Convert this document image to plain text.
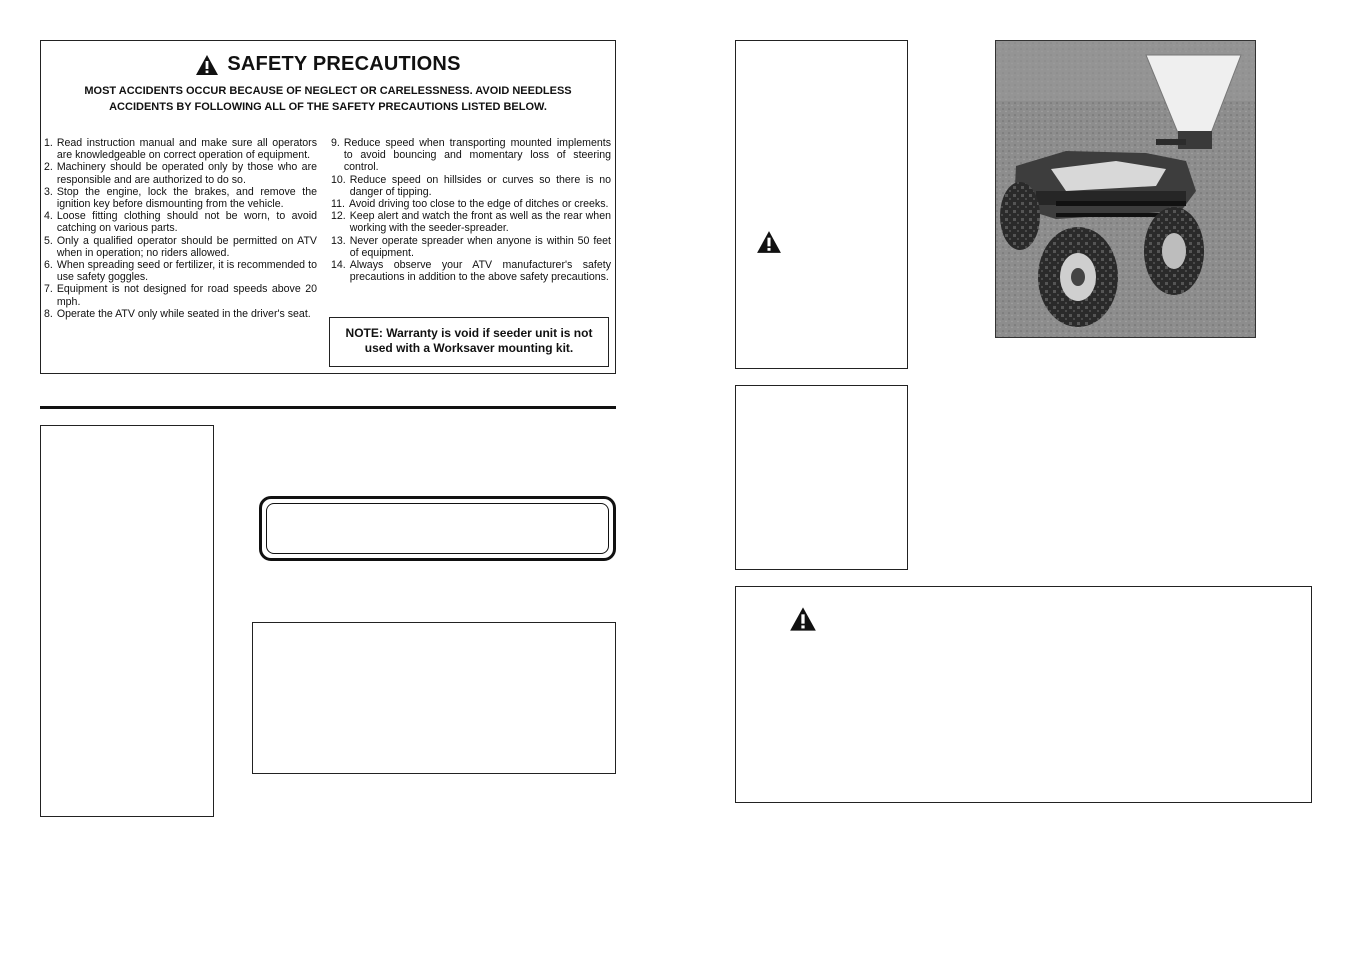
SAFETY PRECAUTIONS
MOST ACCIDENTS OCCUR BECAUSE OF NEGLECT OR CARELESSNESS. AVOID NEEDLESS ACCIDENTS BY FOLLOWING ALL OF THE SAFETY PRECAUTIONS LISTED BELOW.
1. Read instruction manual and make sure all operators are knowledgeable on correct operation of equipment.
2. Machinery should be operated only by those who are responsible and are authorized to do so.
3. Stop the engine, lock the brakes, and remove the ignition key before dismounting from the vehicle.
4. Loose fitting clothing should not be worn, to avoid catching on various parts.
5. Only a qualified operator should be permitted on ATV when in operation; no riders allowed.
6. When spreading seed or fertilizer, it is recommended to use safety goggles.
7. Equipment is not designed for road speeds above 20 mph.
8. Operate the ATV only while seated in the driver's seat.
9. Reduce speed when transporting mounted implements to avoid bouncing and momentary loss of steering control.
10. Reduce speed on hillsides or curves so there is no danger of tipping.
11. Avoid driving too close to the edge of ditches or creeks.
12. Keep alert and watch the front as well as the rear when working with the seeder-spreader.
13. Never operate spreader when anyone is within 50 feet of equipment.
14. Always observe your ATV manufacturer's safety precautions in addition to the above safety precautions.
NOTE: Warranty is void if seeder unit is not used with a Worksaver mounting kit.
